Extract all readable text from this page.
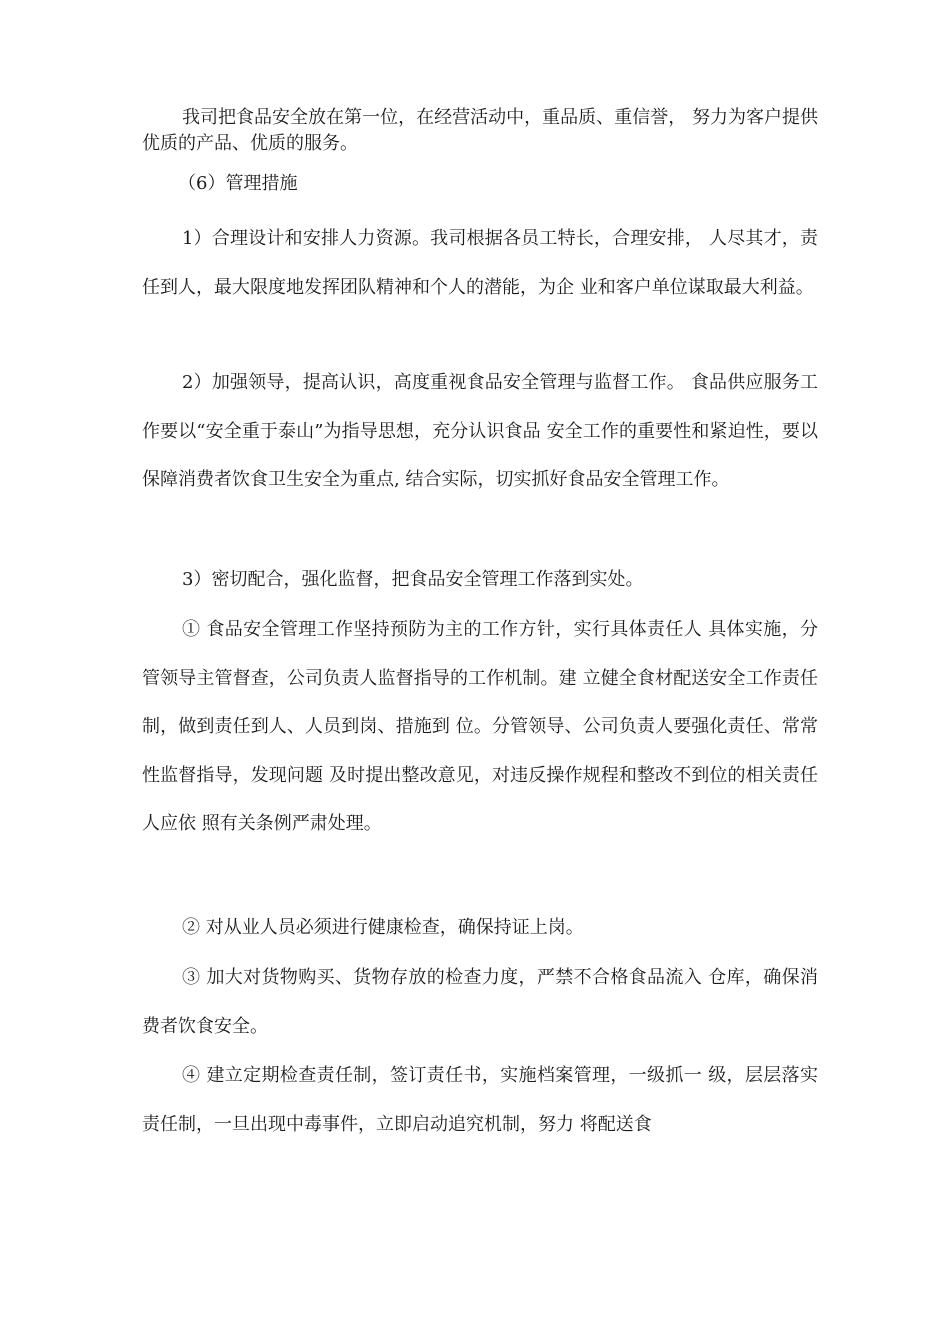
我司把食品安全放在第一位，在经营活动中，重品质、重信誉， 努力为客户提供优质的产品、优质的服务。

（6）管理措施

1）合理设计和安排人力资源。我司根据各员工特长，合理安排， 人尽其才，责任到人，最大限度地发挥团队精神和个人的潜能，为企 业和客户单位谋取最大利益。

2）加强领导，提高认识，高度重视食品安全管理与监督工作。 食品供应服务工作要以“安全重于泰山”为指导思想，充分认识食品 安全工作的重要性和紧迫性，要以保障消费者饮食卫生安全为重点, 结合实际，切实抓好食品安全管理工作。

3）密切配合，强化监督，把食品安全管理工作落到实处。

① 食品安全管理工作坚持预防为主的工作方针，实行具体责任人 具体实施，分管领导主管督查，公司负责人监督指导的工作机制。建 立健全食材配送安全工作责任制，做到责任到人、人员到岗、措施到 位。分管领导、公司负责人要强化责任、常常性监督指导，发现问题 及时提出整改意见，对违反操作规程和整改不到位的相关责任人应依 照有关条例严肃处理。

② 对从业人员必须进行健康检查，确保持证上岗。

③ 加大对货物购买、货物存放的检查力度，严禁不合格食品流入 仓库，确保消费者饮食安全。

④ 建立定期检查责任制，签订责任书，实施档案管理，一级抓一 级，层层落实责任制，一旦出现中毒事件，立即启动追究机制，努力 将配送食
